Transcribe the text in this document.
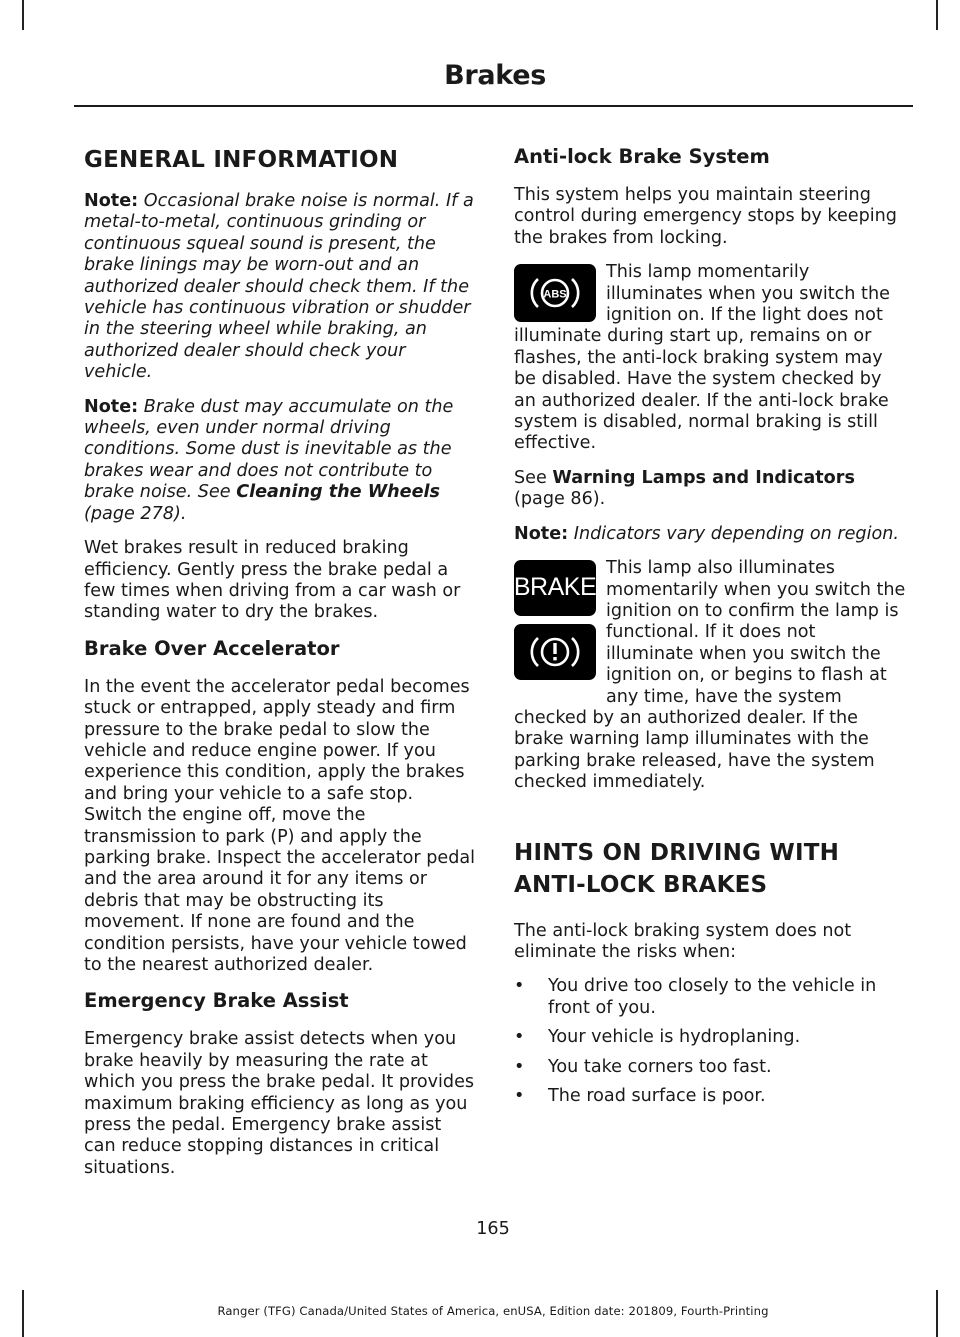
Brakes
GENERAL INFORMATION

Note: Occasional brake noise is normal. If a metal-to-metal, continuous grinding or continuous squeal sound is present, the brake linings may be worn-out and an authorized dealer should check them. If the vehicle has continuous vibration or shudder in the steering wheel while braking, an authorized dealer should check your vehicle.

Note: Brake dust may accumulate on the wheels, even under normal driving conditions. Some dust is inevitable as the brakes wear and does not contribute to brake noise. See Cleaning the Wheels (page 278).

Wet brakes result in reduced braking efficiency. Gently press the brake pedal a few times when driving from a car wash or standing water to dry the brakes.

Brake Over Accelerator

In the event the accelerator pedal becomes stuck or entrapped, apply steady and firm pressure to the brake pedal to slow the vehicle and reduce engine power. If you experience this condition, apply the brakes and bring your vehicle to a safe stop. Switch the engine off, move the transmission to park (P) and apply the parking brake. Inspect the accelerator pedal and the area around it for any items or debris that may be obstructing its movement. If none are found and the condition persists, have your vehicle towed to the nearest authorized dealer.

Emergency Brake Assist

Emergency brake assist detects when you brake heavily by measuring the rate at which you press the brake pedal. It provides maximum braking efficiency as long as you press the pedal. Emergency brake assist can reduce stopping distances in critical situations.

Anti-lock Brake System

This system helps you maintain steering control during emergency stops by keeping the brakes from locking.

ABS

This lamp momentarily illuminates when you switch the ignition on. If the light does not illuminate during start up, remains on or flashes, the anti-lock braking system may be disabled. Have the system checked by an authorized dealer. If the anti-lock brake system is disabled, normal braking is still effective.

See Warning Lamps and Indicators (page 86).

Note: Indicators vary depending on region.

BRAKE

This lamp also illuminates momentarily when you switch the ignition on to confirm the lamp is functional. If it does not illuminate when you switch the ignition on, or begins to flash at any time, have the system checked by an authorized dealer. If the brake warning lamp illuminates with the parking brake released, have the system checked immediately.

HINTS ON DRIVING WITH
ANTI-LOCK BRAKES

The anti-lock braking system does not eliminate the risks when:

• You drive too closely to the vehicle in front of you.
• Your vehicle is hydroplaning.
• You take corners too fast.
• The road surface is poor.
165
Ranger (TFG) Canada/United States of America, enUSA, Edition date: 201809, Fourth-Printing
